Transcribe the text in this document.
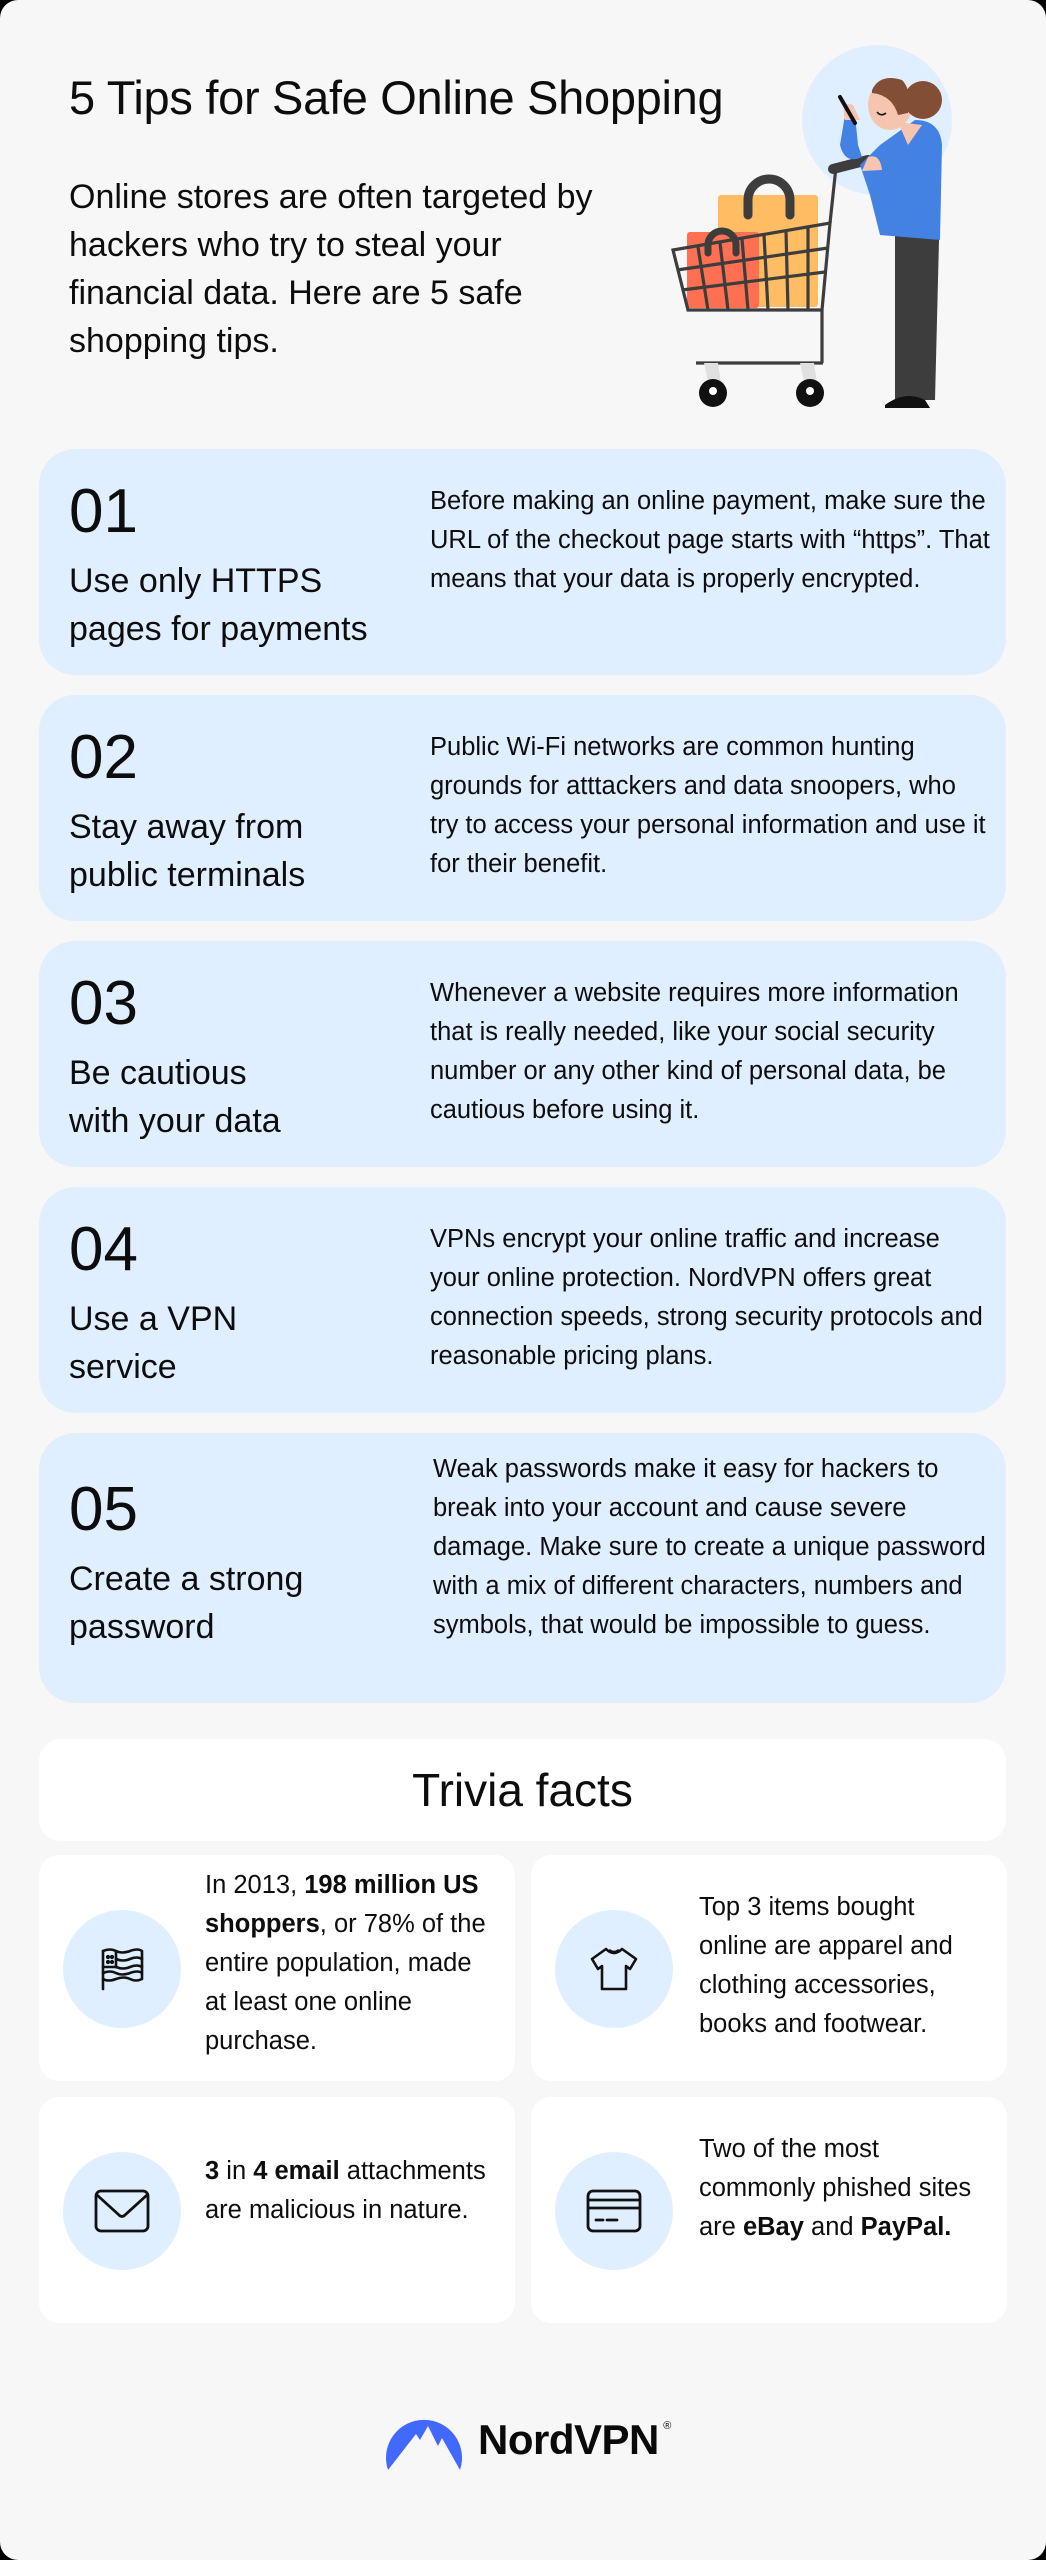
5 Tips for Safe Online Shopping

Online stores are often targeted by hackers who try to steal your financial data. Here are 5 safe shopping tips.

01
Use only HTTPS
pages for payments

Before making an online payment, make sure the URL of the checkout page starts with “https”. That means that your data is properly encrypted.

02
Stay away from
public terminals

Public Wi-Fi networks are common hunting grounds for atttackers and data snoopers, who try to access your personal information and use it for their benefit.

03
Be cautious
with your data

Whenever a website requires more information that is really needed, like your social security number or any other kind of personal data, be cautious before using it.

04
Use a VPN
service

VPNs encrypt your online traffic and increase your online protection. NordVPN offers great connection speeds, strong security protocols and reasonable pricing plans.

05
Create a strong
password

Weak passwords make it easy for hackers to break into your account and cause severe damage. Make sure to create a unique password with a mix of different characters, numbers and symbols, that would be impossible to guess.

Trivia facts

In 2013, 198 million US shoppers, or 78% of the entire population, made at least one online purchase.

Top 3 items bought online are apparel and clothing accessories, books and footwear.

3 in 4 email attachments are malicious in nature.

Two of the most commonly phished sites are eBay and PayPal.

NordVPN ®
